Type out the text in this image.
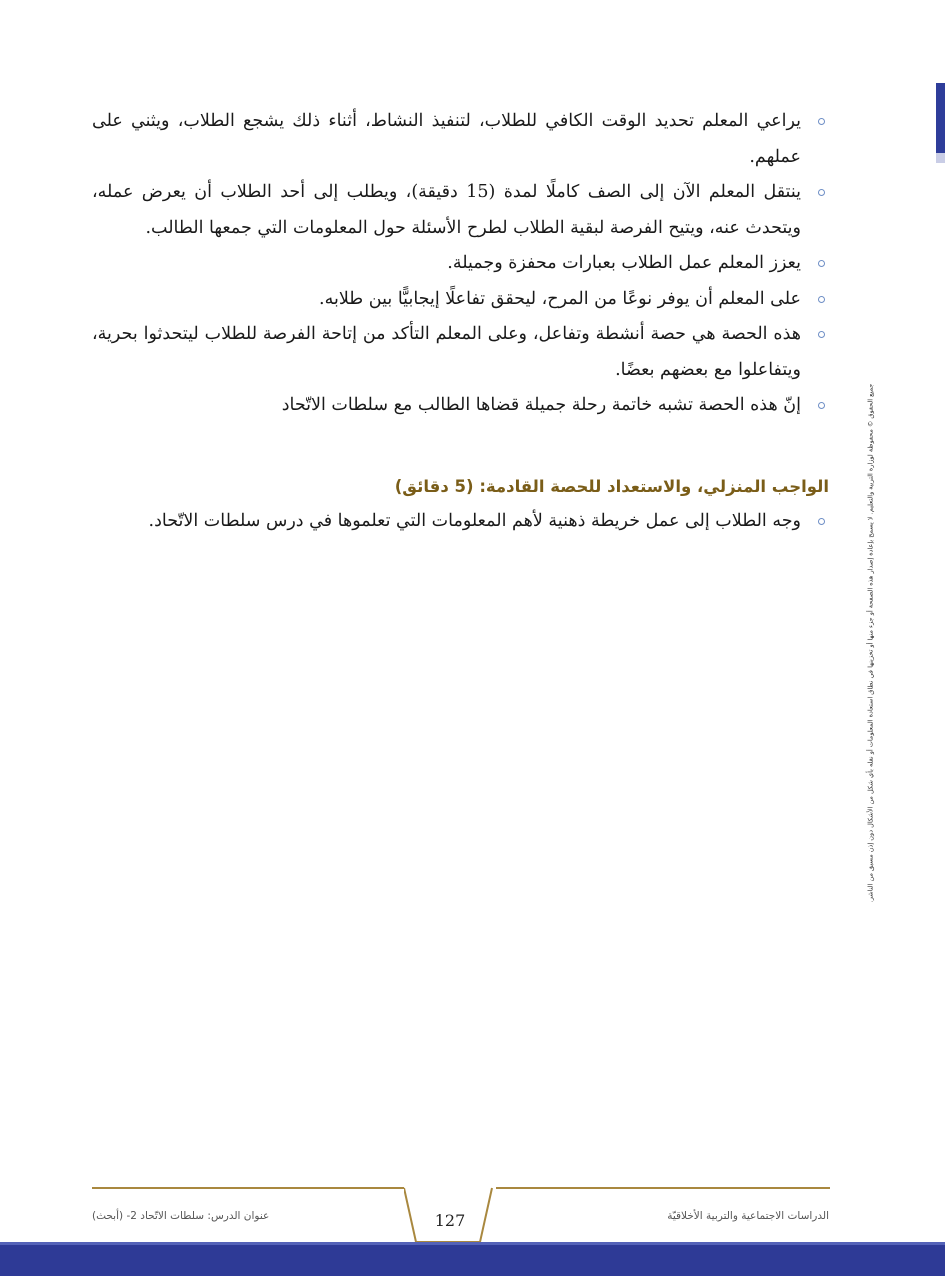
جميع الحقوق © محفوظة لوزارة التربية والتعليم. لا يسمح بإعادة إصدار هذه الصفحة أو جزء منها أو تخزينها في نطاق استعادة المعلومات أو نقله بأي شكل من الأشكال دون إذن مسبق من الناشر.
يراعي المعلم تحديد الوقت الكافي للطلاب، لتنفيذ النشاط، أثناء ذلك يشجع الطلاب، ويثني على عملهم.
ينتقل المعلم الآن إلى الصف كاملًا لمدة (15 دقيقة)، ويطلب إلى أحد الطلاب أن يعرض عمله، ويتحدث عنه، ويتيح الفرصة لبقية الطلاب لطرح الأسئلة حول المعلومات التي جمعها الطالب.
يعزز المعلم عمل الطلاب بعبارات محفزة وجميلة.
على المعلم أن يوفر نوعًا من المرح، ليحقق تفاعلًا إيجابيًّا بين طلابه.
هذه الحصة هي حصة أنشطة وتفاعل، وعلى المعلم التأكد من إتاحة الفرصة للطلاب ليتحدثوا بحرية، ويتفاعلوا مع بعضهم بعضًا.
إنّ هذه الحصة تشبه خاتمة رحلة جميلة قضاها الطالب مع سلطات الاتّحاد
الواجب المنزلي، والاستعداد للحصة القادمة: (5 دقائق)
وجه الطلاب إلى عمل خريطة ذهنية لأهم المعلومات التي تعلموها في درس سلطات الاتّحاد.
127	الدراسات الاجتماعية والتربية الأخلاقيّة
عنوان الدرس: سلطات الاتّحاد 2- (أبحث)
